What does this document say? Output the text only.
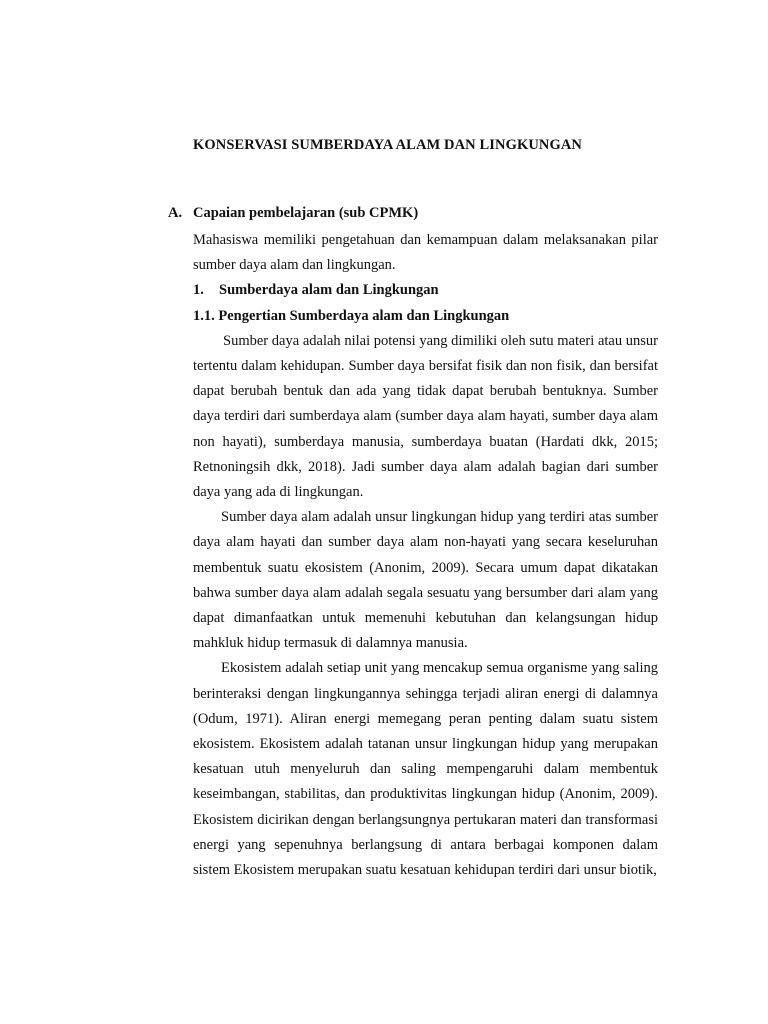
KONSERVASI SUMBERDAYA ALAM DAN LINGKUNGAN
A. Capaian pembelajaran (sub CPMK)

Mahasiswa memiliki pengetahuan dan kemampuan dalam melaksanakan pilar sumber daya alam dan lingkungan.

1. Sumberdaya alam dan Lingkungan

1.1. Pengertian Sumberdaya alam dan Lingkungan

Sumber daya adalah nilai potensi yang dimiliki oleh sutu materi atau unsur tertentu dalam kehidupan. Sumber daya bersifat fisik dan non fisik, dan bersifat dapat berubah bentuk dan ada yang tidak dapat berubah bentuknya. Sumber daya terdiri dari sumberdaya alam (sumber daya alam hayati, sumber daya alam non hayati), sumberdaya manusia, sumberdaya buatan (Hardati dkk, 2015; Retnoningsih dkk, 2018). Jadi sumber daya alam adalah bagian dari sumber daya yang ada di lingkungan.

Sumber daya alam adalah unsur lingkungan hidup yang terdiri atas sumber daya alam hayati dan sumber daya alam non-hayati yang secara keseluruhan membentuk suatu ekosistem (Anonim, 2009). Secara umum dapat dikatakan bahwa sumber daya alam adalah segala sesuatu yang bersumber dari alam yang dapat dimanfaatkan untuk memenuhi kebutuhan dan kelangsungan hidup mahkluk hidup termasuk di dalamnya manusia.

Ekosistem adalah setiap unit yang mencakup semua organisme yang saling berinteraksi dengan lingkungannya sehingga terjadi aliran energi di dalamnya (Odum, 1971). Aliran energi memegang peran penting dalam suatu sistem ekosistem. Ekosistem adalah tatanan unsur lingkungan hidup yang merupakan kesatuan utuh menyeluruh dan saling mempengaruhi dalam membentuk keseimbangan, stabilitas, dan produktivitas lingkungan hidup (Anonim, 2009). Ekosistem dicirikan dengan berlangsungnya pertukaran materi dan transformasi energi yang sepenuhnya berlangsung di antara berbagai komponen dalam sistem Ekosistem merupakan suatu kesatuan kehidupan terdiri dari unsur biotik,
